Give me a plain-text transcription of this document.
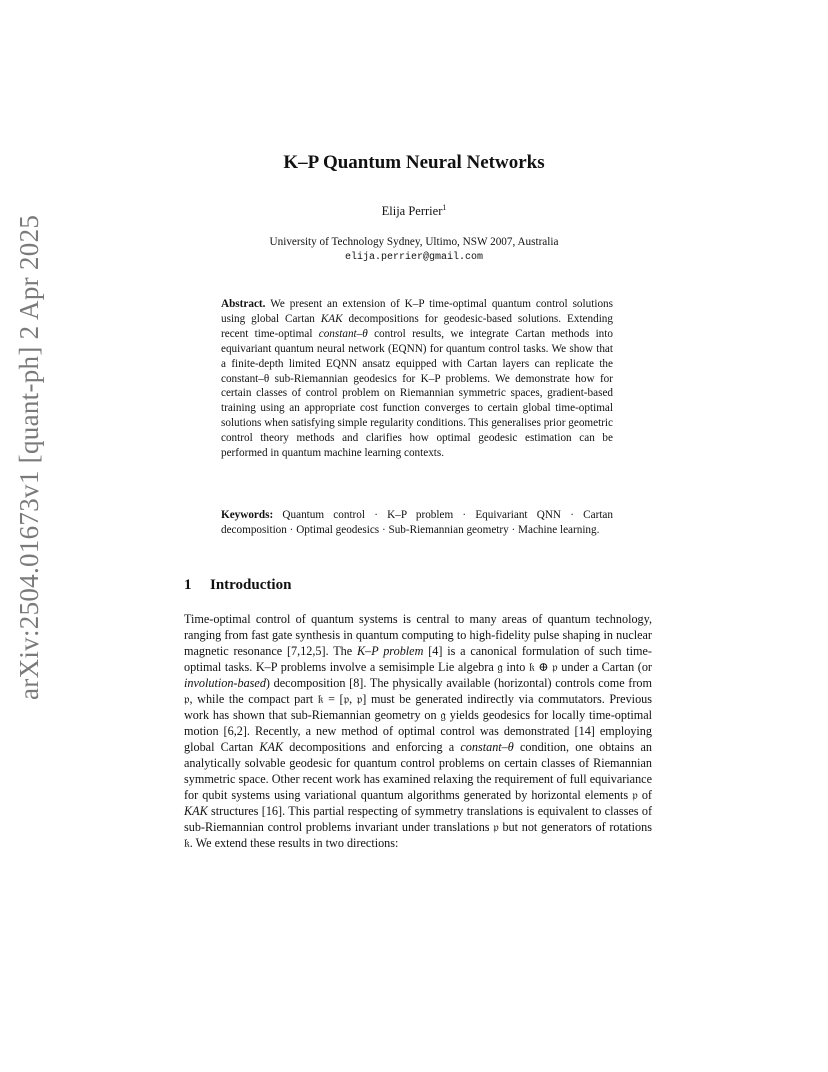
arXiv:2504.01673v1 [quant-ph] 2 Apr 2025
K–P Quantum Neural Networks
Elija Perrier$^1$
University of Technology Sydney, Ultimo, NSW 2007, Australia
elija.perrier@gmail.com
Abstract. We present an extension of K–P time-optimal quantum control solutions using global Cartan KAK decompositions for geodesic-based solutions. Extending recent time-optimal constant–θ control results, we integrate Cartan methods into equivariant quantum neural network (EQNN) for quantum control tasks. We show that a finite-depth limited EQNN ansatz equipped with Cartan layers can replicate the constant–θ sub-Riemannian geodesics for K–P problems. We demonstrate how for certain classes of control problem on Riemannian symmetric spaces, gradient-based training using an appropriate cost function converges to certain global time-optimal solutions when satisfying simple regularity conditions. This generalises prior geometric control theory methods and clarifies how optimal geodesic estimation can be performed in quantum machine learning contexts.
Keywords: Quantum control · K–P problem · Equivariant QNN · Cartan decomposition · Optimal geodesics · Sub-Riemannian geometry · Machine learning.
1 Introduction
Time-optimal control of quantum systems is central to many areas of quantum technology, ranging from fast gate synthesis in quantum computing to high-fidelity pulse shaping in nuclear magnetic resonance [7,12,5]. The K–P problem [4] is a canonical formulation of such time-optimal tasks. K–P problems involve a semisimple Lie algebra 𝔤 into 𝔨 ⊕ 𝔭 under a Cartan (or involution-based) decomposition [8]. The physically available (horizontal) controls come from 𝔭, while the compact part 𝔨 = [𝔭, 𝔭] must be generated indirectly via commutators. Previous work has shown that sub-Riemannian geometry on 𝔤 yields geodesics for locally time-optimal motion [6,2]. Recently, a new method of optimal control was demonstrated [14] employing global Cartan KAK decompositions and enforcing a constant–θ condition, one obtains an analytically solvable geodesic for quantum control problems on certain classes of Riemannian symmetric space. Other recent work has examined relaxing the requirement of full equivariance for qubit systems using variational quantum algorithms generated by horizontal elements 𝔭 of KAK structures [16]. This partial respecting of symmetry translations is equivalent to classes of sub-Riemannian control problems invariant under translations 𝔭 but not generators of rotations 𝔨. We extend these results in two directions:
